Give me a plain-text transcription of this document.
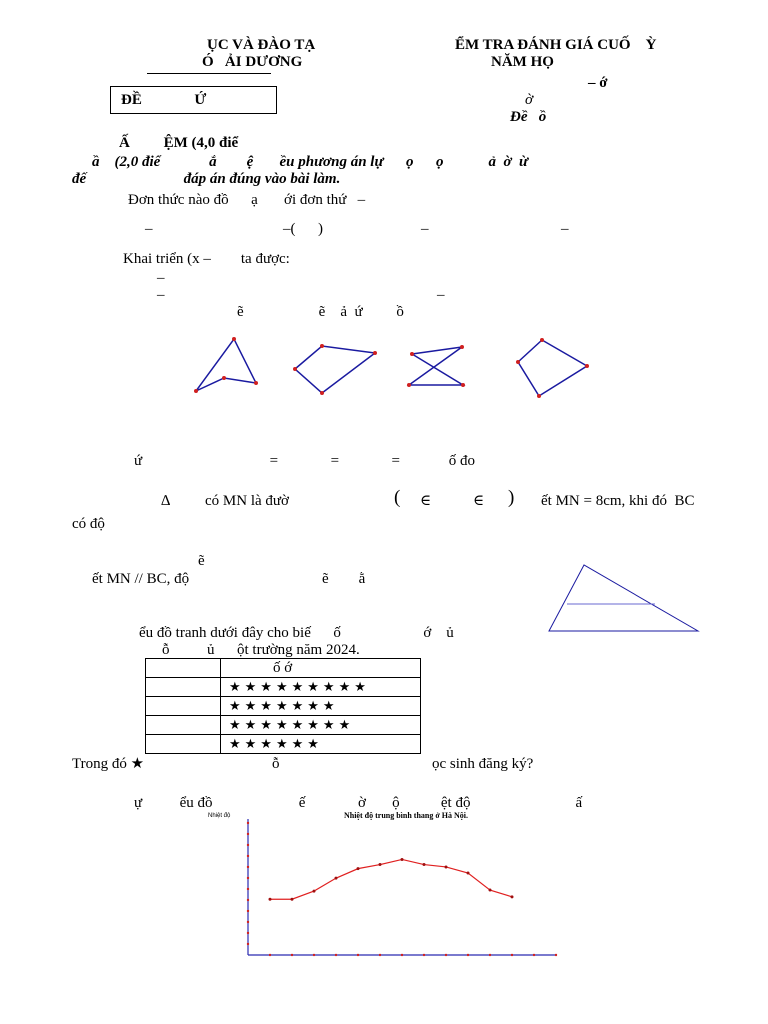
ỤC VÀ ĐÀO TẠ
Ó   ẢI DƯƠNG
ỂM TRA ĐÁNH GIÁ CUỐ    Ỳ
NĂM HỌ
– ớ
ờ
Đề   ồ
ĐỀ              Ứ
Ấ         ỆM (4,0 điể
ầ    (2,0 điể             ắ        ệ       ều phương án lự      ọ      ọ            ả  ờ  ừ
đế                          đáp án đúng vào bài làm.
Đơn thức nào đồ      ạ       ới đơn thứ   –
–	–(      )	–	–
Khai triển (x –        ta được:
–
–	–
ẽ                    ẽ    ả  ứ         ồ
ứ                                  =              =              =             ố đo
∆ có MN là đườ	( ∈	∈ ) ết MN = 8cm, khi đó  BC
có độ
ẽ
ết MN // BC, độ	ẽ        ằ
ểu đồ tranh dưới đây cho biế      ố                      ớ    ủ
ỗ          ủ      ột trường năm 2024.
	ố ớ
	★★★★★★★★★
	★★★★★★★
	★★★★★★★★
	★★★★★★
Trong đó ★	ỗ	ọc sinh đăng ký?
ự          ểu đồ                       ế              ờ       ộ           ệt độ                            ấ
Nhiệt độ trung bình thang ở Hà Nội.
Nhiệt độ
